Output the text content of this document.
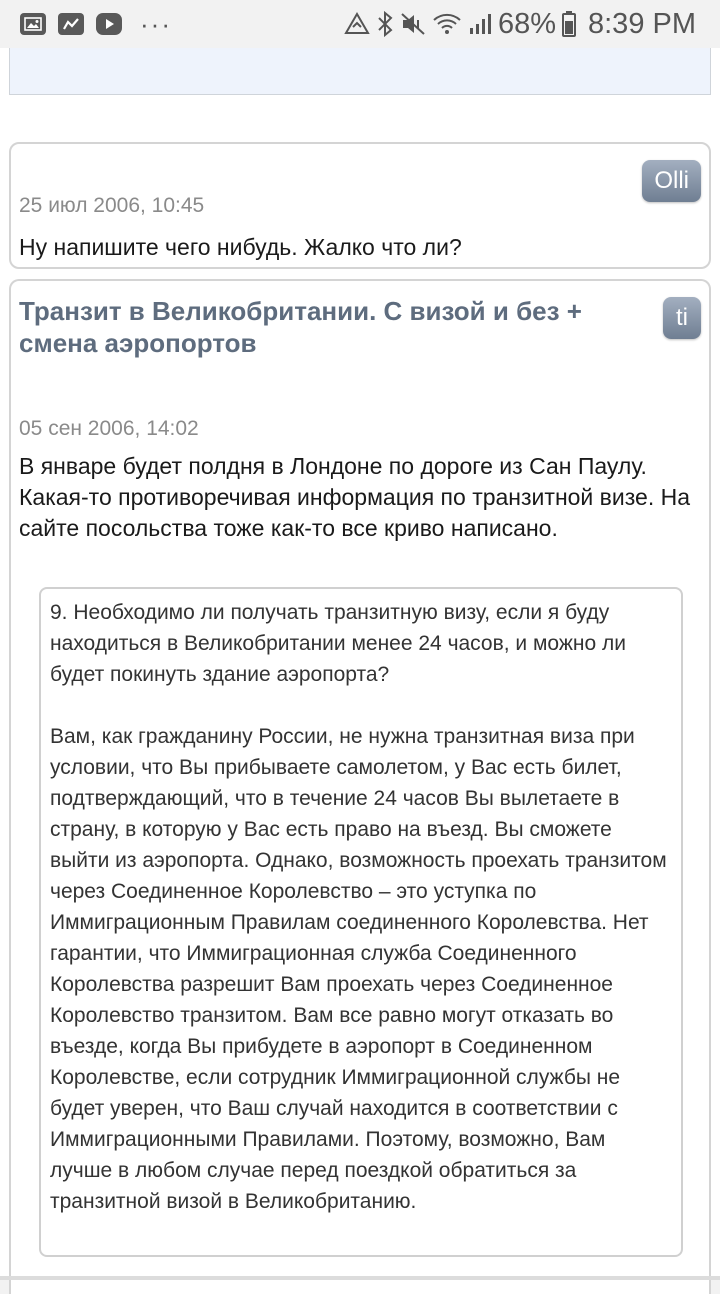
···	68% 8:39 PM
Olli
25 июл 2006, 10:45

Ну напишите чего нибудь. Жалко что ли?

ti
Транзит в Великобритании. С визой и без + смена аэропортов
05 сен 2006, 14:02

В январе будет полдня в Лондоне по дороге из Сан Паулу. Какая-то противоречивая информация по транзитной визе. На сайте посольства тоже как-то все криво написано.

9. Необходимо ли получать транзитную визу, если я буду находиться в Великобритании менее 24 часов, и можно ли будет покинуть здание аэропорта?

Вам, как гражданину России, не нужна транзитная виза при условии, что Вы прибываете самолетом, у Вас есть билет, подтверждающий, что в течение 24 часов Вы вылетаете в страну, в которую у Вас есть право на въезд. Вы сможете выйти из аэропорта. Однако, возможность проехать транзитом через Соединенное Королевство – это уступка по Иммиграционным Правилам соединенного Королевства. Нет гарантии, что Иммиграционная служба Соединенного Королевства разрешит Вам проехать через Соединенное Королевство транзитом. Вам все равно могут отказать во въезде, когда Вы прибудете в аэропорт в Соединенном Королевстве, если сотрудник Иммиграционной службы не будет уверен, что Ваш случай находится в соответствии с Иммиграционными Правилами. Поэтому, возможно, Вам лучше в любом случае перед поездкой обратиться за транзитной визой в Великобританию.
